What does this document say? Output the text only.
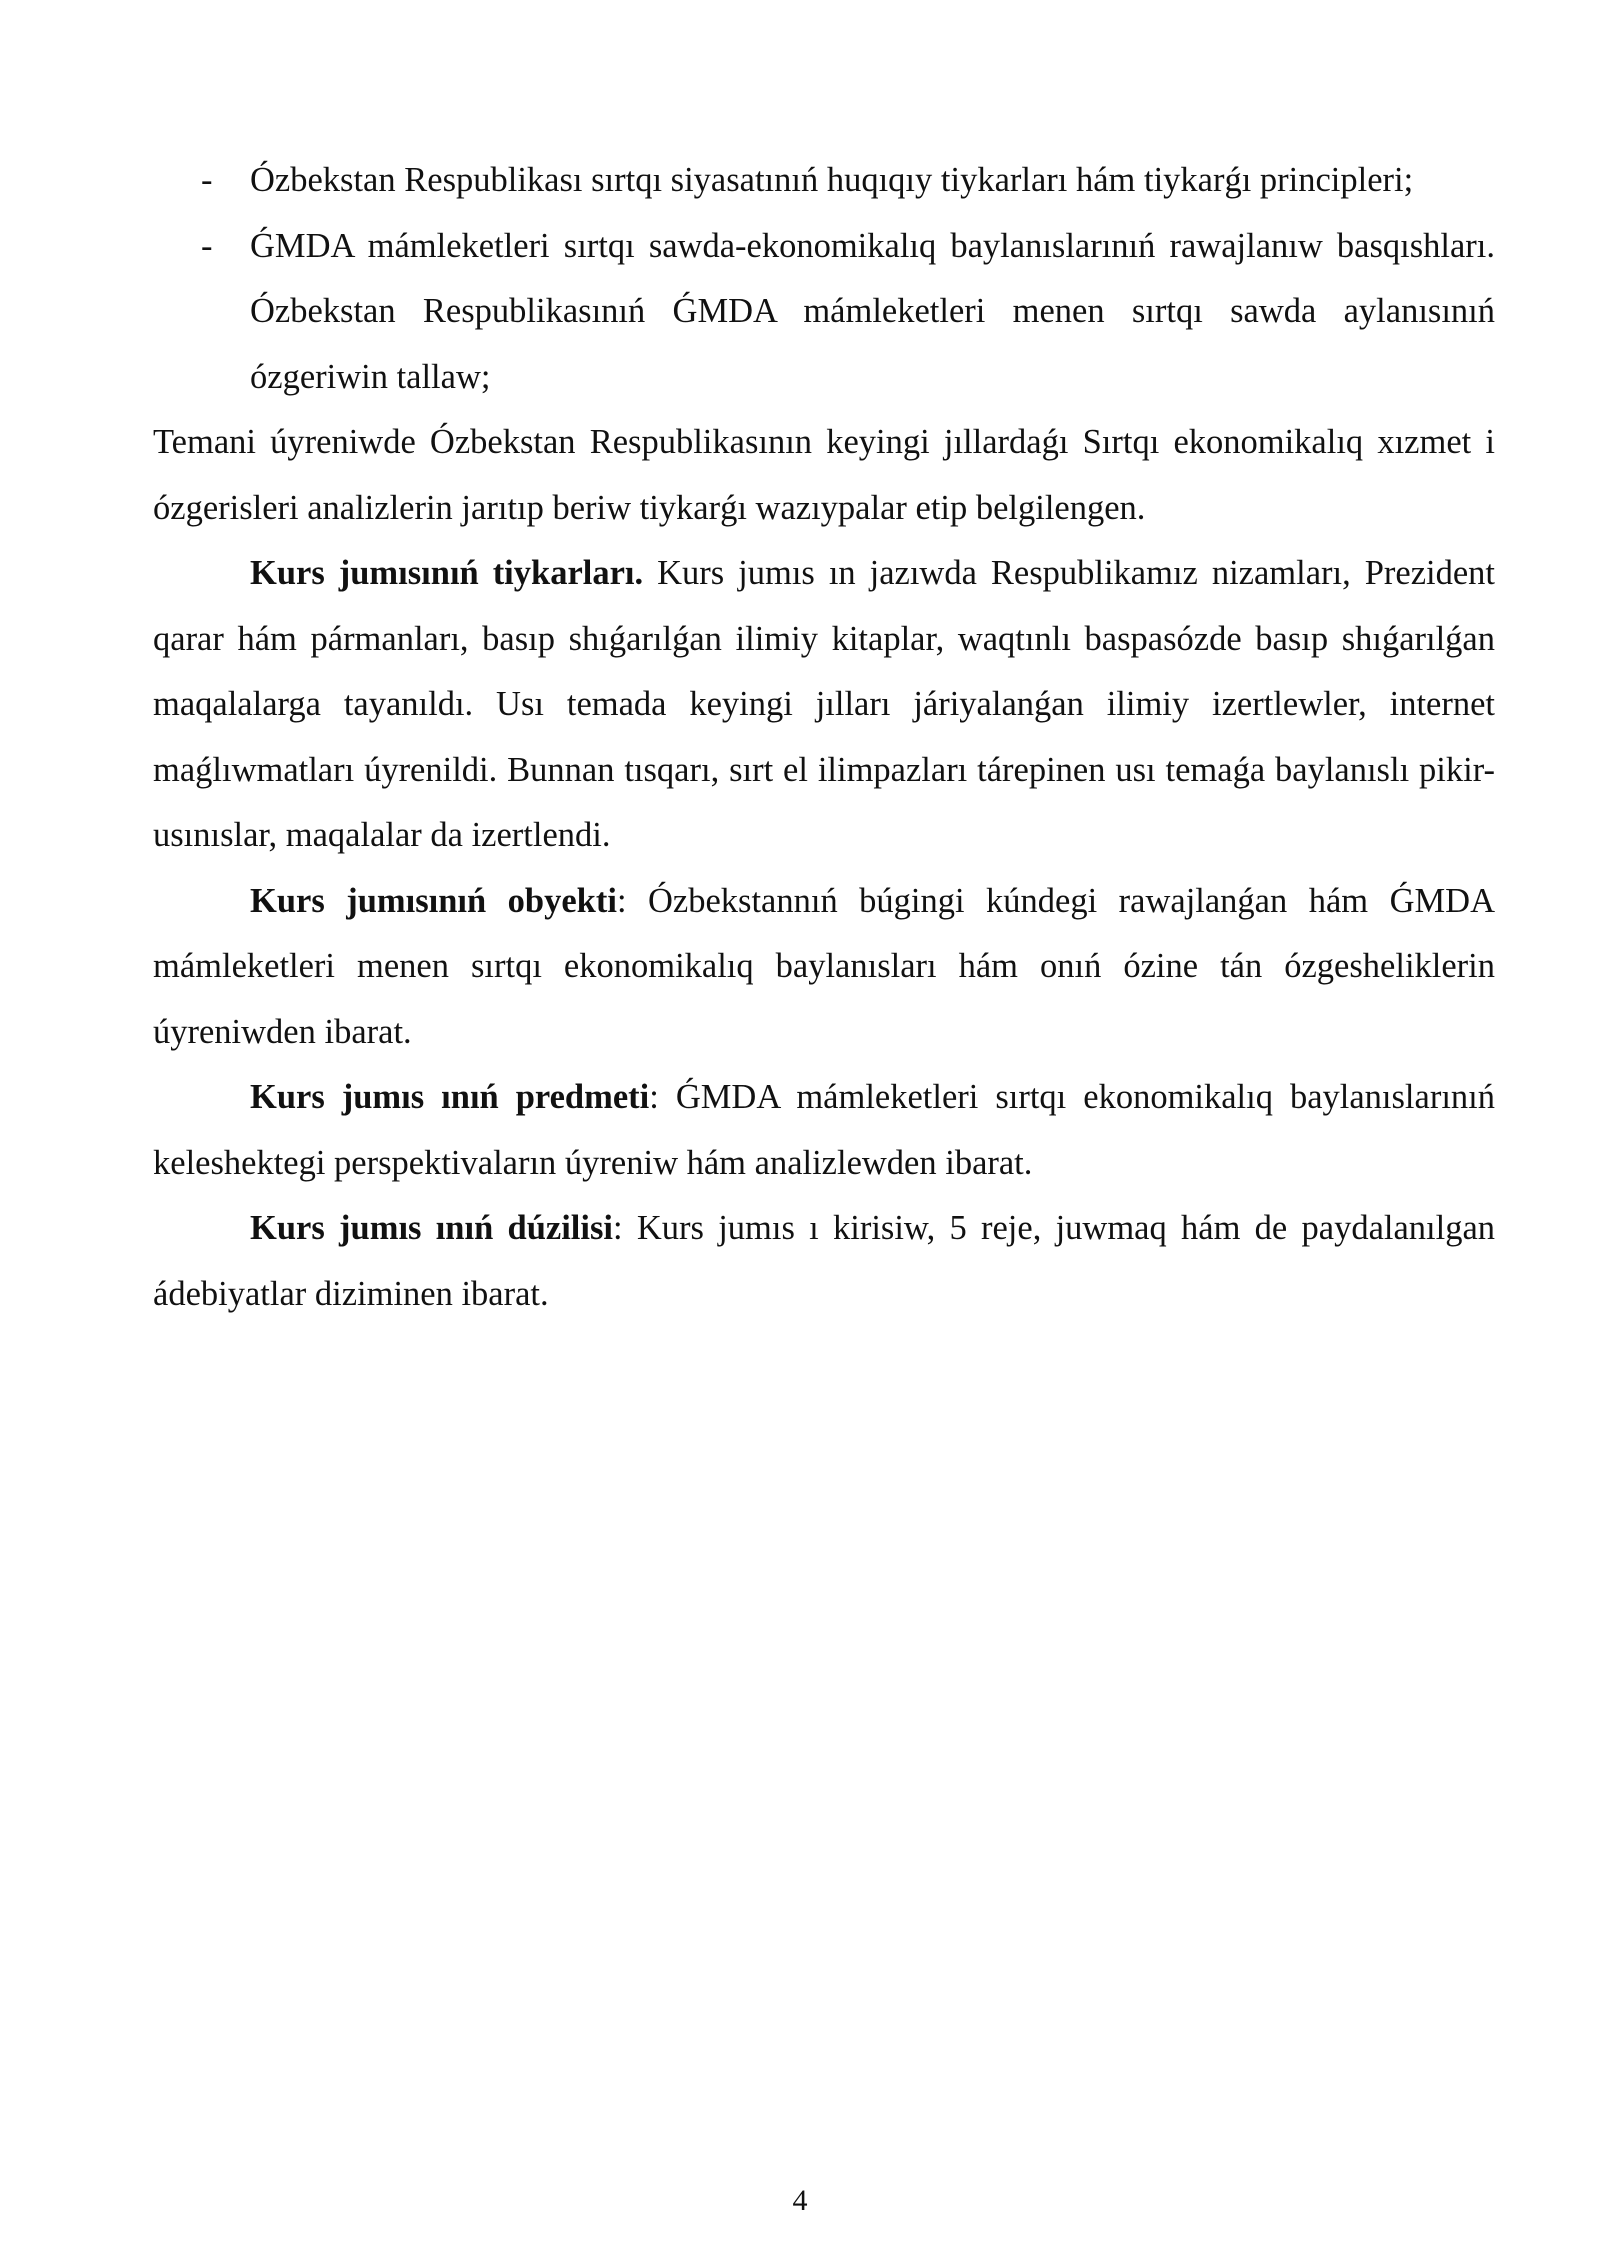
- Ózbekstan Respublikası sırtqı siyasatınıń huqıqıy tiykarları hám tiykarǵı principleri;

- ǴMDA mámleketleri sırtqı sawda-ekonomikalıq baylanıslarınıń rawajlanıw basqıshları. Ózbekstan Respublikasınıń ǴMDA mámleketleri menen sırtqı sawda aylanısınıń ózgeriwin tallaw;

Temani úyreniwde Ózbekstan Respublikasının keyingi jıllardaǵı Sırtqı ekonomikalıq xızmet i ózgerisleri analizlerin jarıtıp beriw tiykarǵı wazıypalar etip belgilengen.

Kurs jumısınıń tiykarları. Kurs jumıs ın jazıwda Respublikamız nizamları, Prezident qarar hám pármanları, basıp shıǵarılǵan ilimiy kitaplar, waqtınlı baspasózde basıp shıǵarılǵan maqalalarga tayanıldı. Usı temada keyingi jılları járiyalanǵan ilimiy izertlewler, internet maǵlıwmatları úyrenildi. Bunnan tısqarı, sırt el ilimpazları tárepinen usı temaǵa baylanıslı pikir-usınıslar, maqalalar da izertlendi.

Kurs jumısınıń obyekti: Ózbekstannıń búgingi kúndegi rawajlanǵan hám ǴMDA mámleketleri menen sırtqı ekonomikalıq baylanısları hám onıń ózine tán ózgesheliklerin úyreniwden ibarat.

Kurs jumıs ınıń predmeti: ǴMDA mámleketleri sırtqı ekonomikalıq baylanıslarınıń keleshektegi perspektivaların úyreniw hám analizlewden ibarat.

Kurs jumıs ınıń dúzilisi: Kurs jumıs ı kirisiw, 5 reje, juwmaq hám de paydalanılgan ádebiyatlar diziminen ibarat.

4
